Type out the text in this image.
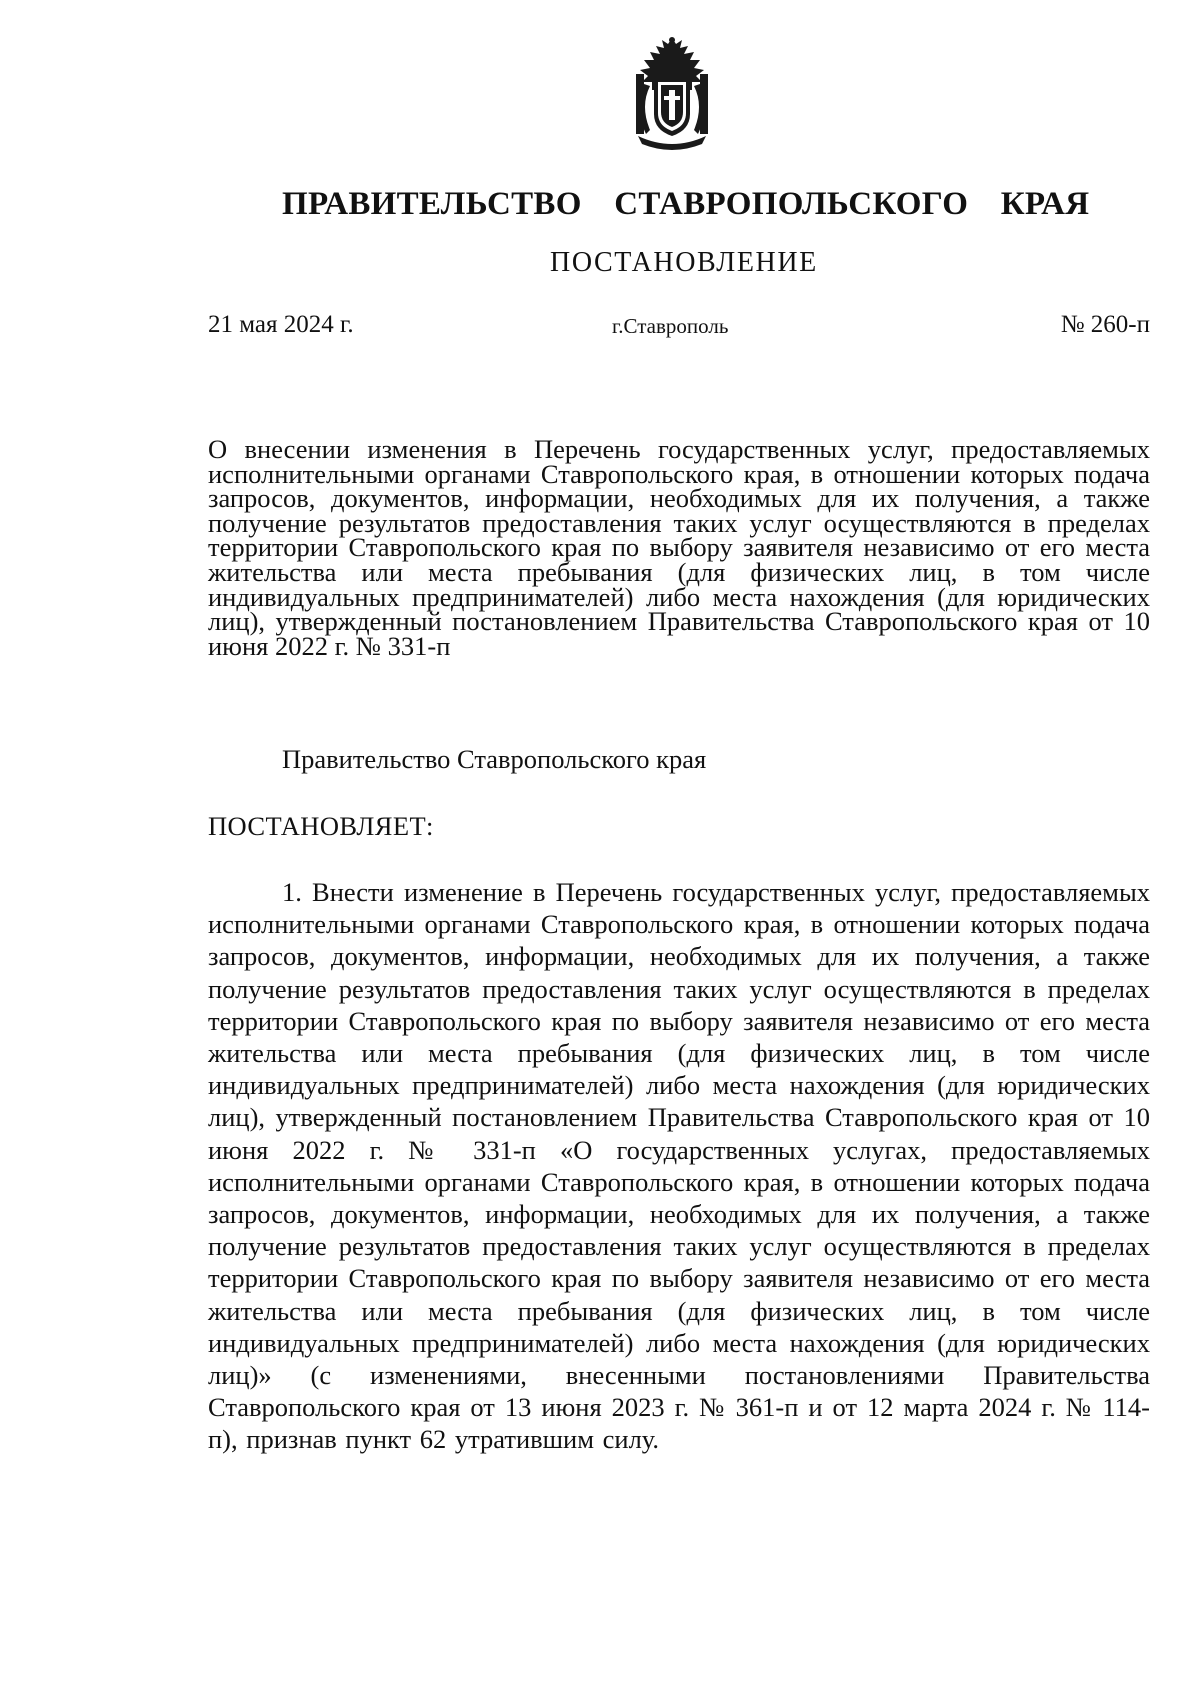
ПРАВИТЕЛЬСТВО СТАВРОПОЛЬСКОГО КРАЯ
ПОСТАНОВЛЕНИЕ
21 мая 2024 г.	г.Ставрополь	№ 260-п
О внесении изменения в Перечень государственных услуг, предоставляемых исполнительными органами Ставропольского края, в отношении которых подача запросов, документов, информации, необходимых для их получения, а также получение результатов предоставления таких услуг осуществляются в пределах территории Ставропольского края по выбору заявителя независимо от его места жительства или места пребывания (для физических лиц, в том числе индивидуальных предпринимателей) либо места нахождения (для юридических лиц), утвержденный постановлением Правительства Ставропольского края от 10 июня 2022 г. № 331-п
Правительство Ставропольского края
ПОСТАНОВЛЯЕТ:
1. Внести изменение в Перечень государственных услуг, предоставляемых исполнительными органами Ставропольского края, в отношении которых подача запросов, документов, информации, необходимых для их получения, а также получение результатов предоставления таких услуг осуществляются в пределах территории Ставропольского края по выбору заявителя независимо от его места жительства или места пребывания (для физических лиц, в том числе индивидуальных предпринимателей) либо места нахождения (для юридических лиц), утвержденный постановлением Правительства Ставропольского края от 10 июня 2022 г. № 331-п «О государственных услугах, предоставляемых исполнительными органами Ставропольского края, в отношении которых подача запросов, документов, информации, необходимых для их получения, а также получение результатов предоставления таких услуг осуществляются в пределах территории Ставропольского края по выбору заявителя независимо от его места жительства или места пребывания (для физических лиц, в том числе индивидуальных предпринимателей) либо места нахождения (для юридических лиц)» (с изменениями, внесенными постановлениями Правительства Ставропольского края от 13 июня 2023 г. № 361-п и от 12 марта 2024 г. № 114-п), признав пункт 62 утратившим силу.
